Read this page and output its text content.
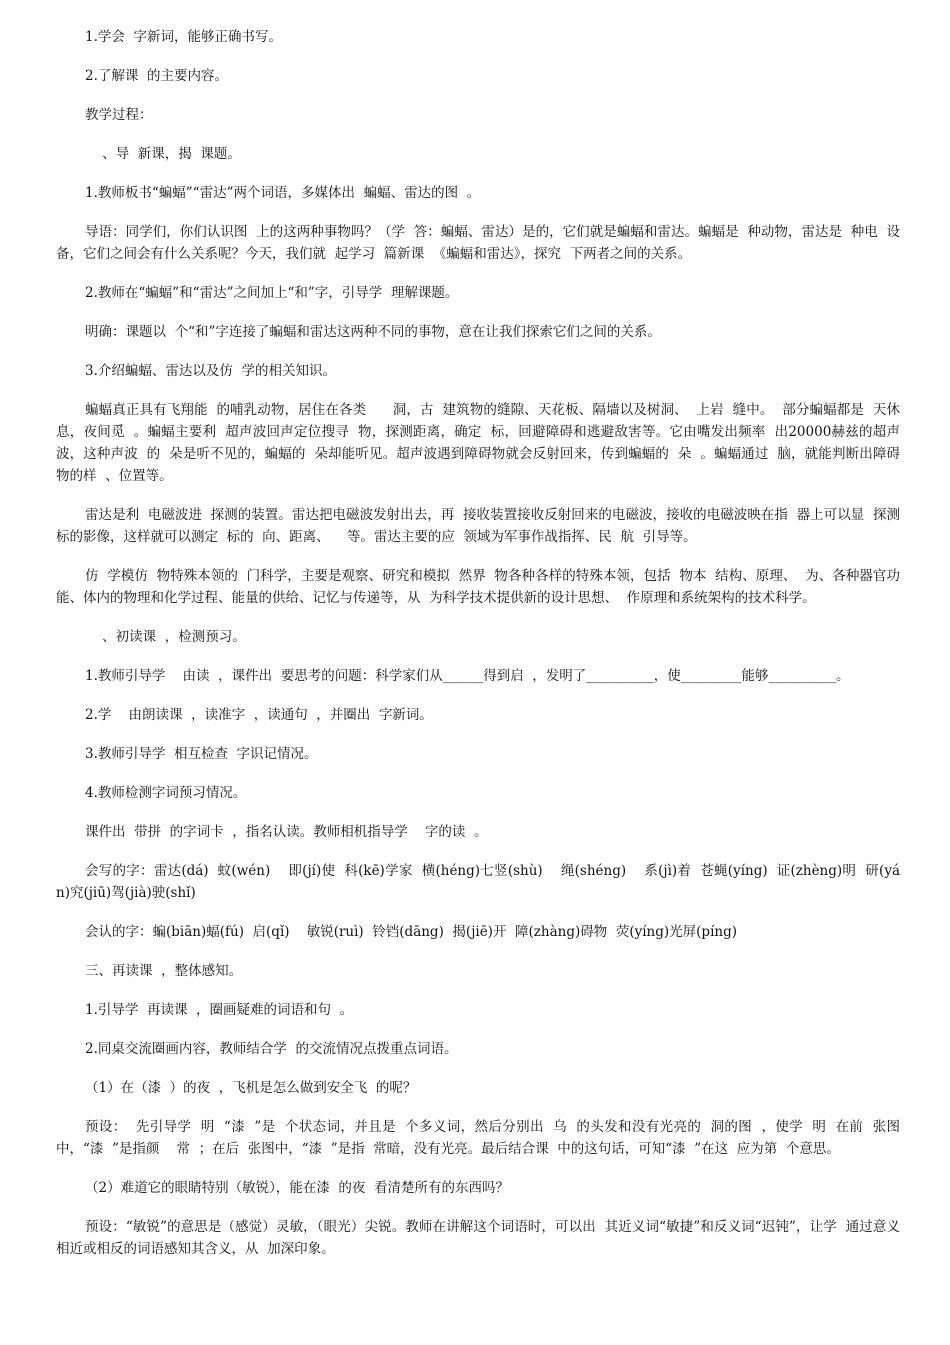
1.学会  字新词，能够正确书写。

2.了解课  的主要内容。

教学过程：

、导  新课，揭  课题。

1.教师板书“蝙蝠”“雷达”两个词语，多媒体出  蝙蝠、雷达的图  。

导语：同学们，你们认识图  上的这两种事物吗？（学  答：蝙蝠、雷达）是的，它们就是蝙蝠和雷达。蝙蝠是  种动物，雷达是  种电  设备，它们之间会有什么关系呢？今天，我们就  起学习  篇新课  《蝙蝠和雷达》，探究  下两者之间的关系。

2.教师在“蝙蝠”和“雷达”之间加上“和”字，引导学  理解课题。

明确：课题以  个“和”字连接了蝙蝠和雷达这两种不同的事物，意在让我们探索它们之间的关系。

3.介绍蝙蝠、雷达以及仿  学的相关知识。

蝙蝠真正具有飞翔能  的哺乳动物，居住在各类      洞，古  建筑物的缝隙、天花板、隔墙以及树洞、  上岩  缝中。  部分蝙蝠都是  天休息，夜间觅  。蝙蝠主要利  超声波回声定位搜寻  物，探测距离，确定  标，回避障碍和逃避敌害等。它由嘴发出频率  出20000赫兹的超声波，这种声波  的  朵是听不见的，蝙蝠的  朵却能听见。超声波遇到障碍物就会反射回来，传到蝙蝠的  朵  。蝙蝠通过  脑，就能判断出障碍物的样  、位置等。

雷达是利  电磁波进  探测的装置。雷达把电磁波发射出去，再  接收装置接收反射回来的电磁波，接收的电磁波映在指  器上可以显  探测  标的影像，这样就可以测定  标的  向、距离、    等。雷达主要的应  领域为军事作战指挥、民  航  引导等。

仿  学模仿  物特殊本领的  门科学，主要是观察、研究和模拟  然界  物各种各样的特殊本领，包括  物本  结构、原理、  为、各种器官功能、体内的物理和化学过程、能量的供给、记忆与传递等，从  为科学技术提供新的设计思想、  作原理和系统架构的技术科学。

、初读课  ，检测预习。

1.教师引导学    由读  ，课件出  要思考的问题：科学家们从______得到启  ，发明了__________，使_________能够__________。

2.学    由朗读课  ，读准字  ，读通句  ，并圈出  字新词。

3.教师引导学  相互检查  字识记情况。

4.教师检测字词预习情况。

课件出  带拼  的字词卡  ，指名认读。教师相机指导学    字的读  。

会写的字：雷达(dá)  蚊(wén)    即(jí)使  科(kē)学家  横(héng)七竖(shù)    绳(shéng)    系(jì)着  苍蝇(yíng)  证(zhèng)明  研(yán)究(jiū)驾(jià)驶(shǐ)

会认的字：蝙(biān)蝠(fú)  启(qǐ)    敏锐(ruì)  铃铛(dāng)  揭(jiē)开  障(zhàng)碍物  荧(yíng)光屏(píng)

三、再读课  ，整体感知。

1.引导学  再读课  ，圈画疑难的词语和句  。

2.同桌交流圈画内容，教师结合学  的交流情况点拨重点词语。

（1）在（漆  ）的夜  ，飞机是怎么做到安全飞  的呢？

预设：  先引导学  明  “漆  ”是  个状态词，并且是  个多义词，然后分别出  乌  的头发和没有光亮的  洞的图  ，使学  明  在前  张图中，“漆  ”是指颜    常  ；在后  张图中，“漆  ”是指  常暗，没有光亮。最后结合课  中的这句话，可知“漆  ”在这  应为第  个意思。

（2）难道它的眼睛特别（敏锐），能在漆  的夜  看清楚所有的东西吗？

预设：“敏锐”的意思是（感觉）灵敏，（眼光）尖锐。教师在讲解这个词语时，可以出  其近义词“敏捷”和反义词“迟钝”，让学  通过意义相近或相反的词语感知其含义，从  加深印象。
